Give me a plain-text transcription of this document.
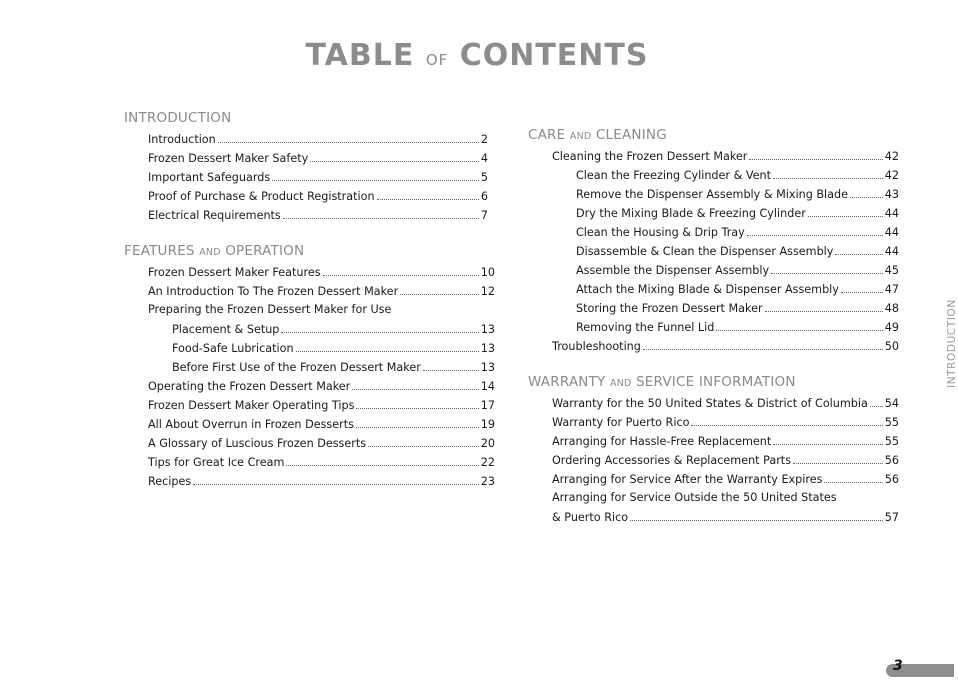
TABLE OF CONTENTS
INTRODUCTION
Introduction	2
Frozen Dessert Maker Safety	4
Important Safeguards	5
Proof of Purchase & Product Registration	6
Electrical Requirements	7
FEATURES AND OPERATION
Frozen Dessert Maker Features	10
An Introduction To The Frozen Dessert Maker	12
Preparing the Frozen Dessert Maker for Use
Placement & Setup	13
Food-Safe Lubrication	13
Before First Use of the Frozen Dessert Maker	13
Operating the Frozen Dessert Maker	14
Frozen Dessert Maker Operating Tips	17
All About Overrun in Frozen Desserts	19
A Glossary of Luscious Frozen Desserts	20
Tips for Great Ice Cream	22
Recipes	23
CARE AND CLEANING
Cleaning the Frozen Dessert Maker	42
Clean the Freezing Cylinder & Vent	42
Remove the Dispenser Assembly & Mixing Blade	43
Dry the Mixing Blade & Freezing Cylinder	44
Clean the Housing & Drip Tray	44
Disassemble & Clean the Dispenser Assembly	44
Assemble the Dispenser Assembly	45
Attach the Mixing Blade & Dispenser Assembly	47
Storing the Frozen Dessert Maker	48
Removing the Funnel Lid	49
Troubleshooting	50
WARRANTY AND SERVICE INFORMATION
Warranty for the 50 United States & District of Columbia 54
Warranty for Puerto Rico	55
Arranging for Hassle-Free Replacement	55
Ordering Accessories & Replacement Parts	56
Arranging for Service After the Warranty Expires	56
Arranging for Service Outside the 50 United States
& Puerto Rico	57
INTRODUCTION
3
